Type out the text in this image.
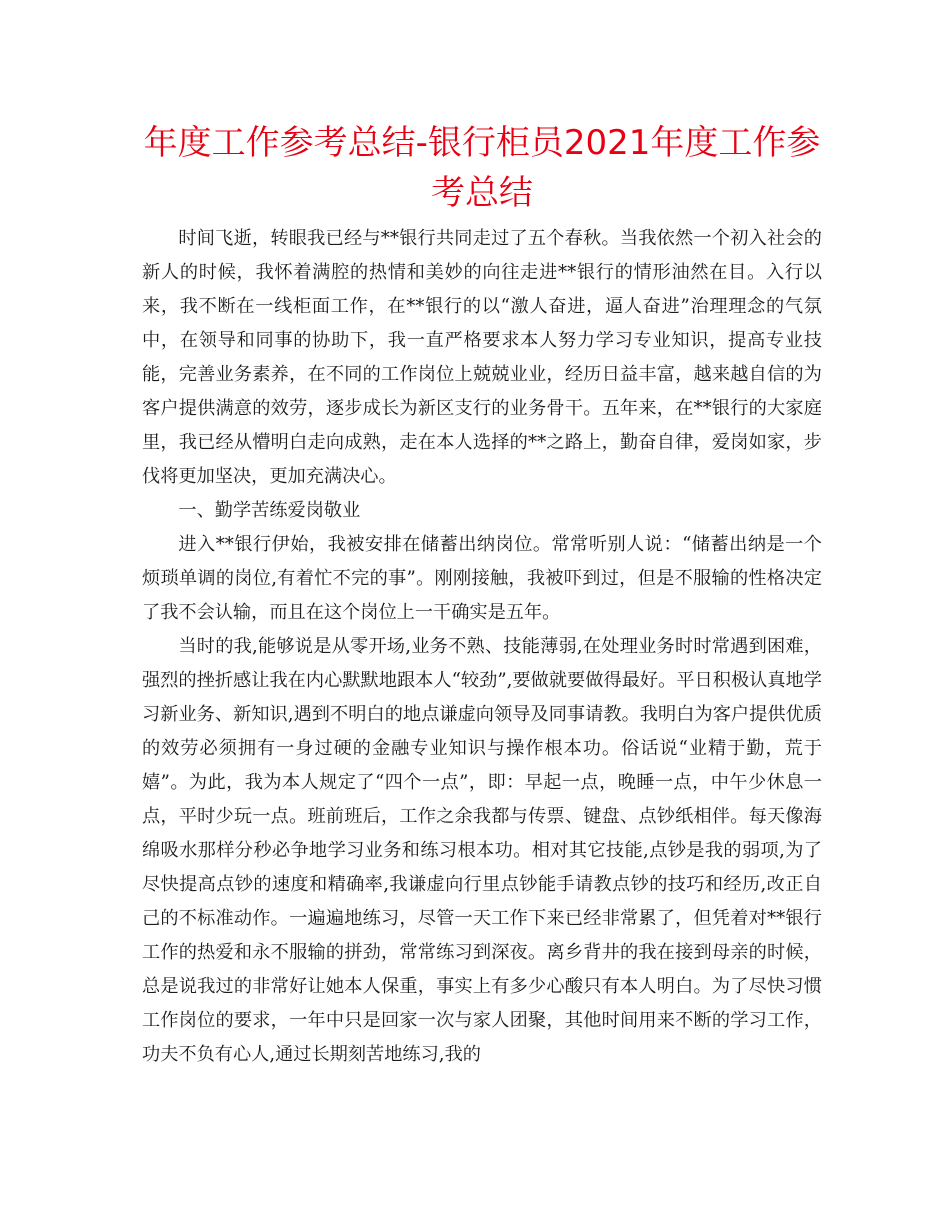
年度工作参考总结-银行柜员2021年度工作参考总结

时间飞逝，转眼我已经与**银行共同走过了五个春秋。当我依然一个初入社会的新人的时候，我怀着满腔的热情和美妙的向往走进**银行的情形油然在目。入行以来，我不断在一线柜面工作，在**银行的以“激人奋进，逼人奋进”治理理念的气氛中，在领导和同事的协助下，我一直严格要求本人努力学习专业知识，提高专业技能，完善业务素养，在不同的工作岗位上兢兢业业，经历日益丰富，越来越自信的为客户提供满意的效劳，逐步成长为新区支行的业务骨干。五年来，在**银行的大家庭里，我已经从懵明白走向成熟，走在本人选择的**之路上，勤奋自律，爱岗如家，步伐将更加坚决，更加充满决心。

一、勤学苦练爱岗敬业

进入**银行伊始，我被安排在储蓄出纳岗位。常常听别人说：“储蓄出纳是一个烦琐单调的岗位,有着忙不完的事”。刚刚接触，我被吓到过，但是不服输的性格决定了我不会认输，而且在这个岗位上一干确实是五年。

当时的我,能够说是从零开场,业务不熟、技能薄弱,在处理业务时时常遇到困难，强烈的挫折感让我在内心默默地跟本人“较劲”,要做就要做得最好。平日积极认真地学习新业务、新知识,遇到不明白的地点谦虚向领导及同事请教。我明白为客户提供优质的效劳必须拥有一身过硬的金融专业知识与操作根本功。俗话说“业精于勤，荒于嬉”。为此，我为本人规定了“四个一点”，即：早起一点，晚睡一点，中午少休息一点，平时少玩一点。班前班后，工作之余我都与传票、键盘、点钞纸相伴。每天像海绵吸水那样分秒必争地学习业务和练习根本功。相对其它技能,点钞是我的弱项,为了尽快提高点钞的速度和精确率,我谦虚向行里点钞能手请教点钞的技巧和经历,改正自己的不标准动作。一遍遍地练习，尽管一天工作下来已经非常累了，但凭着对**银行工作的热爱和永不服输的拼劲，常常练习到深夜。离乡背井的我在接到母亲的时候，总是说我过的非常好让她本人保重，事实上有多少心酸只有本人明白。为了尽快习惯工作岗位的要求，一年中只是回家一次与家人团聚，其他时间用来不断的学习工作，功夫不负有心人,通过长期刻苦地练习,我的
